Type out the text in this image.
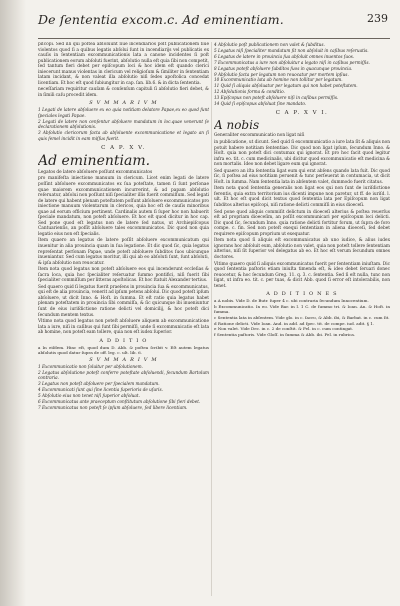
De ſententia excom.c. Ad eminentiam.	239

piſcopi. Sed illi qui poſtea abſoluunt ſiue incendiarios poſt publicationem ſiue violentos quod ſi a quibus legatis abſolui ſunt in incendiarijs vel publicatis ex cauſis in ſententiam excommunicationis lata a canone incidentes ſi poſt publicationem eorum abſoluti fuerint, abſolutio nulla eſt quia ſibi non competit, ſed tantum fieri debet per epiſcopum loci & hoc idem eſt quando clerici iniecerunt manus violentas in clericum vel religioſum & ſimiliter in ſententiam latam incidant, & non valeat illa abſolutio niſi ſedes apoſtolica concedat licentiam. Et hoc eſt quod ſubiungitur in cap. ſan. lib.6. & in dicta ſententia.

neceſſariam requiritur cauſam & conſenſum capituli ſi abſolutio fieri debet, & in ſimili caſu procedit idem.

S V M M A R I V M

1 Legati de latere abſoluere ex eo quia notitiam delatore Papae,ex eo quod ſunt ſpeciales legati Papae.

2 Legati de latere non cenſentur abſoluere mandatum in loc.quae venerunt ſe declarationem abſolutionis.

3 Abſolutio clericorum facta ab abſoluente excommunicatione et legato an ſi quis ſemel incidit in eam miſſus fuerit.

C A P. X V.
Ad eminentiam.

Legatos de latere abſoluere poſſunt excommunicatos

pro manifeſta iniectione manuum in clericum. Licet enim legati de latere poſſint abſoluere excommunicatos ex ſua poteſtate, tamen ſi ſunt perſonae quae maiorem excommunicationem incurrerint, & ad papam abſolutio reſeruatur, abſolui non poſſunt niſi ſpecialiter illis fuerit commiſſum. Sed legati de latere qui habent plenam poteſtatem poſſunt abſoluere excommunicatos pro iniectione manuum violentarum in clericos, quia hoc eſt de cauſis minoribus quae ad eorum officium pertinent. Cardinalis autem ſi ſuper hoc non habuerit ſpeciale mandatum, non poteſt abſoluere. Et hoc eſt quod dicitur in hoc cap. Sed pone quod eſt legatus non de latere ſed natus, ut Archiepiſcopus Cantuarienſis, an poſſit abſoluere tales excommunicatos. Dic quod non quia legatio eius non eſt ſpecialis.

Item quaero an legatus de latere poſſit abſoluere excommunicatum qui inuenitur in alia prouincia quam in ſua legatione. Et dic quod ſic, quia legatus repreſentat perſonam Papae, unde poteſt abſoluere ſubditos ſuos ubicunque inueniantur. Sed cum legatus moritur, illi qui ab eo abſoluti ſunt, ſunt abſoluti, & ipſa abſolutio non reuocatur.

Item nota quod legatus non poteſt abſoluere eos qui incenderunt eccleſias & ſacra loca, quia hoc ſpecialiter reſeruatur ſummo pontifici, niſi fuerit ſibi ſpecialiter commiſſum per litteras apoſtolicas. Et hoc ſtatuit Alexander tertius.

Sed quaero quid ſi legatus fuerit praeſens in prouincia ſua & excommunicatus, qui eſt de alia prouincia, venerit ad ipſum petens abſolui. Dic quod poteſt ipſum abſoluere, ut dicit Inno. & Hoſt. in ſumma. Et eſt ratio quia legatus habet plenam poteſtatem in prouincia ſibi commiſſa, & ſic quicunque ibi inueniuntur ſunt de eius iuriſdictione ratione delicti vel domicilij, & hoc poteſt dici ſecundum mentem textus.

Vltimo nota quod legatus non poteſt abſoluere aliquem ab excommunicatione lata a iure, niſi in caſibus qui ſunt ſibi permiſſi, unde ſi excommunicatio eſt lata ab homine, non poteſt eam tollere, quia non eſt iudex ſuperior.

A D D I T I O

a In eiſdem. Hinc eſt, quod dum D. Abb. & poſtea ſcribit v. Eſt autem legatus abſolutis quod datur ſupra de off. leg. c. ult. lib. 6.

S V M M A R I V M

1 Excommunicatio non ſoluitur per abſolutionem.

2 Legatus abſolutione poteſt conferre poteſtate abſoluendi, ſecundum Bartolum contraria.

3 Legatus non poteſt abſoluere per ſpecialem mandatum.

4 Excommunicati ſunt qui ſine licentia ſuperioris de uſuris.

5 Abſolutio eius non tenet niſi ſuperior abſoluat.

6 Excommunicatus ante praeceptum conſtitutum abſolutione ſibi fieri debet.

7 Excommunicatus non poteſt ſe ipſum abſoluere, ſed libere licentiam.

4 Abſolutio poſt publicationem non valet & ſubditus.

5 Legatus niſi ſpecialiter mandatum ſit non abſoluit in caſibus reſeruatis.

6 Legatus de latere in prouincia ſua abſoluit omnes inuentos ſuos.

7 Excommunicatus a iure non abſoluitur a legato niſi in caſibus permiſſis.

8 Legatus poteſt abſoluere ſubditos ſuos in quacunque prouincia.

9 Abſolutio facta per legatum non reuocatur per mortem ipſius.

10 Excommunicatio lata ab homine non tollitur per legatum.

11 Quid ſi aliquis abſoluatur per legatum qui non habet poteſtatem.

12 Abſolutionis forma & conditio.

13 Epiſcopus non poteſt abſoluere niſi in caſibus permiſſis.

14 Quid ſi epiſcopus abſoluat ſine mandato.

C A P. X V I.
A nobis

Generaliter excommunicatio non ligat niſi

in publicatione, ut dicunt. Sed quid ſi excommunicatio a iure lata ſit & aliquis non potuit habere notitiam ſententiae. Dic quod non ligat ipſum, ſecundum Inno. & Hoſt. quia non poteſt dici contumax qui ignorat. Et pro hoc facit quod legitur infra eo. tit. c. cum medicinalis, ubi dicitur quod excommunicatio eſt medicina & non mortalis. Ideo non debet ligare eum qui ignorat.

Sed quaero an iſta ſententia ligat eum qui erat abſens quando lata fuit. Dic quod ſic, ſi poſtea ad eius notitiam peruenit & tunc perſeuerat in contumacia, ut dicit Hoſt. in ſumma. Nam ſententia lata in abſentem valet, dummodo fuerit citatus.

Item nota quod ſententia generalis non ligat eos qui non ſunt de iuriſdictione ferentis, quia extra territorium ius dicenti impune non paretur, ut ff. de iuriſd. l. ult. Et hoc eſt quod dicit textus quod ſententia lata per Epiſcopum non ligat ſubditos alterius epiſcopi, niſi ratione delicti commiſſi in eius dioeceſi.

Sed pone quod aliquis commiſit delictum in dioeceſi alterius & poſtea reuerſus eſt ad propriam dioeceſim, an poſſit excommunicari per epiſcopum loci delicti. Dic quod ſic, ſecundum Inno. quia ratione delicti fortitur forum, ut ſupra de foro compe. c. fin. Sed non poteſt exequi ſententiam in aliena dioeceſi, ſed debet requirere epiſcopum proprium ut exequatur.

Item nota quod ſi aliquis eſt excommunicatus ab uno iudice, & alius iudex ignorans hoc abſoluit eum, abſolutio non valet, quia non poteſt tollere ſententiam alterius, niſi ſit ſuperior vel delegatus ab eo. Et hoc eſt verum ſecundum omnes doctores.

Vltimo quaero quid ſi aliquis excommunicatus fuerit per ſententiam iniuſtam. Dic quod ſententia paſtoris etiam iniuſta timenda eſt, & ideo debet ſeruari donec reuocetur, & hoc ſecundum Greg. 11. q. 3. c. ſententia. Sed ſi eſt nulla, tunc non ligat, ut infra eo. tit. c. per tuas, & dicit Abb. quod ſi error eſt intolerabilis, non tenet.

A D D I T I O N E S

a A nobis. Vide D. de Butr. ſuper 4 c. ubi contraria ſecundum Innocentium.

b Excommunicatio. In eo. Vide Bar. in l. 1 C. de ſummo tri. & Ioan. An. & Hoſt. in ſumma.

c Sententia lata in abſentem. Vide glo. in c. ſacro, & Abb. ibi, & Barbat. in c. cum ſit.

d Ratione delicti. Vide Ioan. And. in add. ad ſpec. tit. de compe. iud. adit. § 1.

e Non valet. Vide Dec. in c. 2 de conſtit. & Fel. in c. cum contingat.

f Sententia paſtoris. Vide Gloſſ. in ſumma & Abb. ibi. Fel. in rubrica.
